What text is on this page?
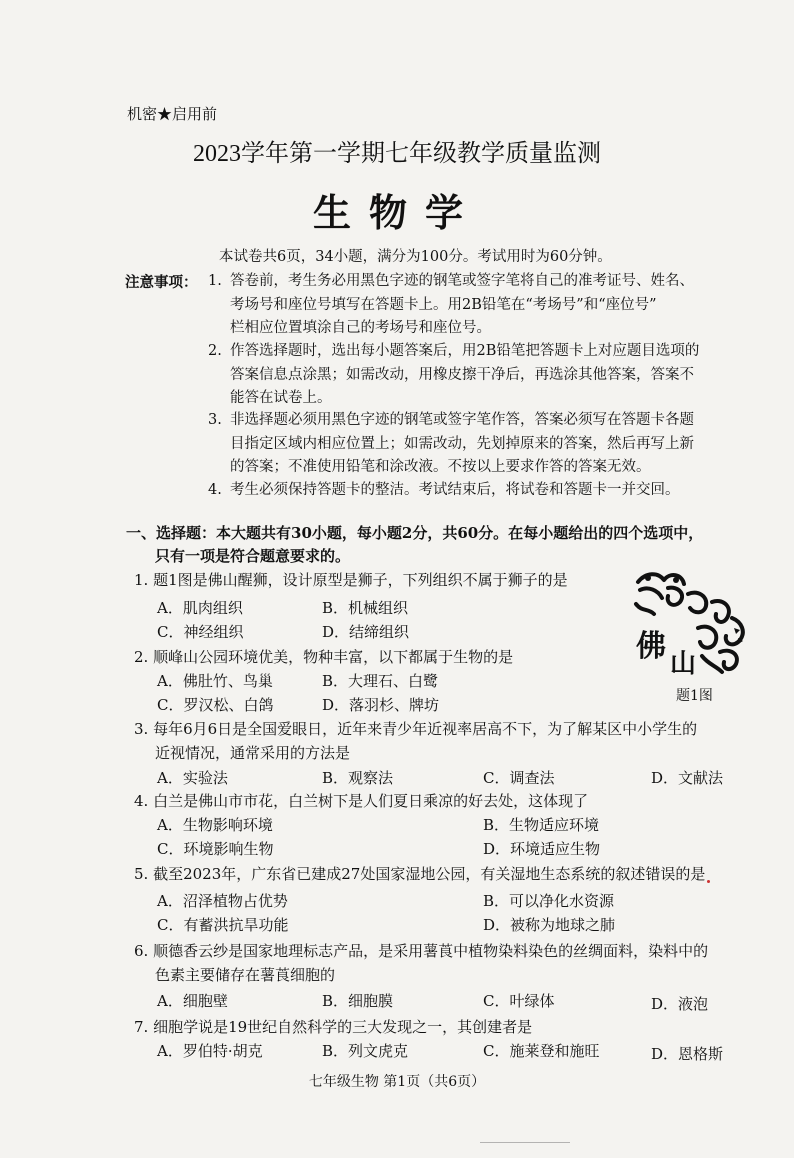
机密★启用前
2023学年第一学期七年级教学质量监测
生物学
本试卷共6页，34小题，满分为100分。考试用时为60分钟。
注意事项： 1. 答卷前，考生务必用黑色字迹的钢笔或签字笔将自己的准考证号、姓名、
考场号和座位号填写在答题卡上。用2B铅笔在“考场号”和“座位号”
栏相应位置填涂自己的考场号和座位号。
2. 作答选择题时，选出每小题答案后，用2B铅笔把答题卡上对应题目选项的
答案信息点涂黑；如需改动，用橡皮擦干净后，再选涂其他答案，答案不
能答在试卷上。
3. 非选择题必须用黑色字迹的钢笔或签字笔作答，答案必须写在答题卡各题
目指定区域内相应位置上；如需改动，先划掉原来的答案，然后再写上新
的答案；不准使用铅笔和涂改液。不按以上要求作答的答案无效。
4. 考生必须保持答题卡的整洁。考试结束后，将试卷和答题卡一并交回。
一、选择题：本大题共有30小题，每小题2分，共60分。在每小题给出的四个选项中，
只有一项是符合题意要求的。
1. 题1图是佛山醒狮，设计原型是狮子，下列组织不属于狮子的是
A．肌肉组织	B．机械组织
C．神经组织	D．结缔组织
2. 顺峰山公园环境优美，物种丰富，以下都属于生物的是
A．佛肚竹、鸟巢	B．大理石、白鹭
C．罗汉松、白鸽	D．落羽杉、牌坊
3. 每年6月6日是全国爱眼日，近年来青少年近视率居高不下，为了解某区中小学生的
近视情况，通常采用的方法是
A．实验法	B．观察法	C．调查法	D．文献法
4. 白兰是佛山市市花，白兰树下是人们夏日乘凉的好去处，这体现了
A．生物影响环境	B．生物适应环境
C．环境影响生物	D．环境适应生物
5. 截至2023年，广东省已建成27处国家湿地公园，有关湿地生态系统的叙述错误的是
A．沼泽植物占优势	B．可以净化水资源
C．有蓄洪抗旱功能	D．被称为地球之肺
6. 顺德香云纱是国家地理标志产品，是采用薯莨中植物染料染色的丝绸面料，染料中的
色素主要储存在薯莨细胞的
A．细胞壁	B．细胞膜	C．叶绿体	D．液泡
7. 细胞学说是19世纪自然科学的三大发现之一，其创建者是
A．罗伯特·胡克	B．列文虎克	C．施莱登和施旺	D．恩格斯
佛 山
题1图
七年级生物 第1页（共6页）
